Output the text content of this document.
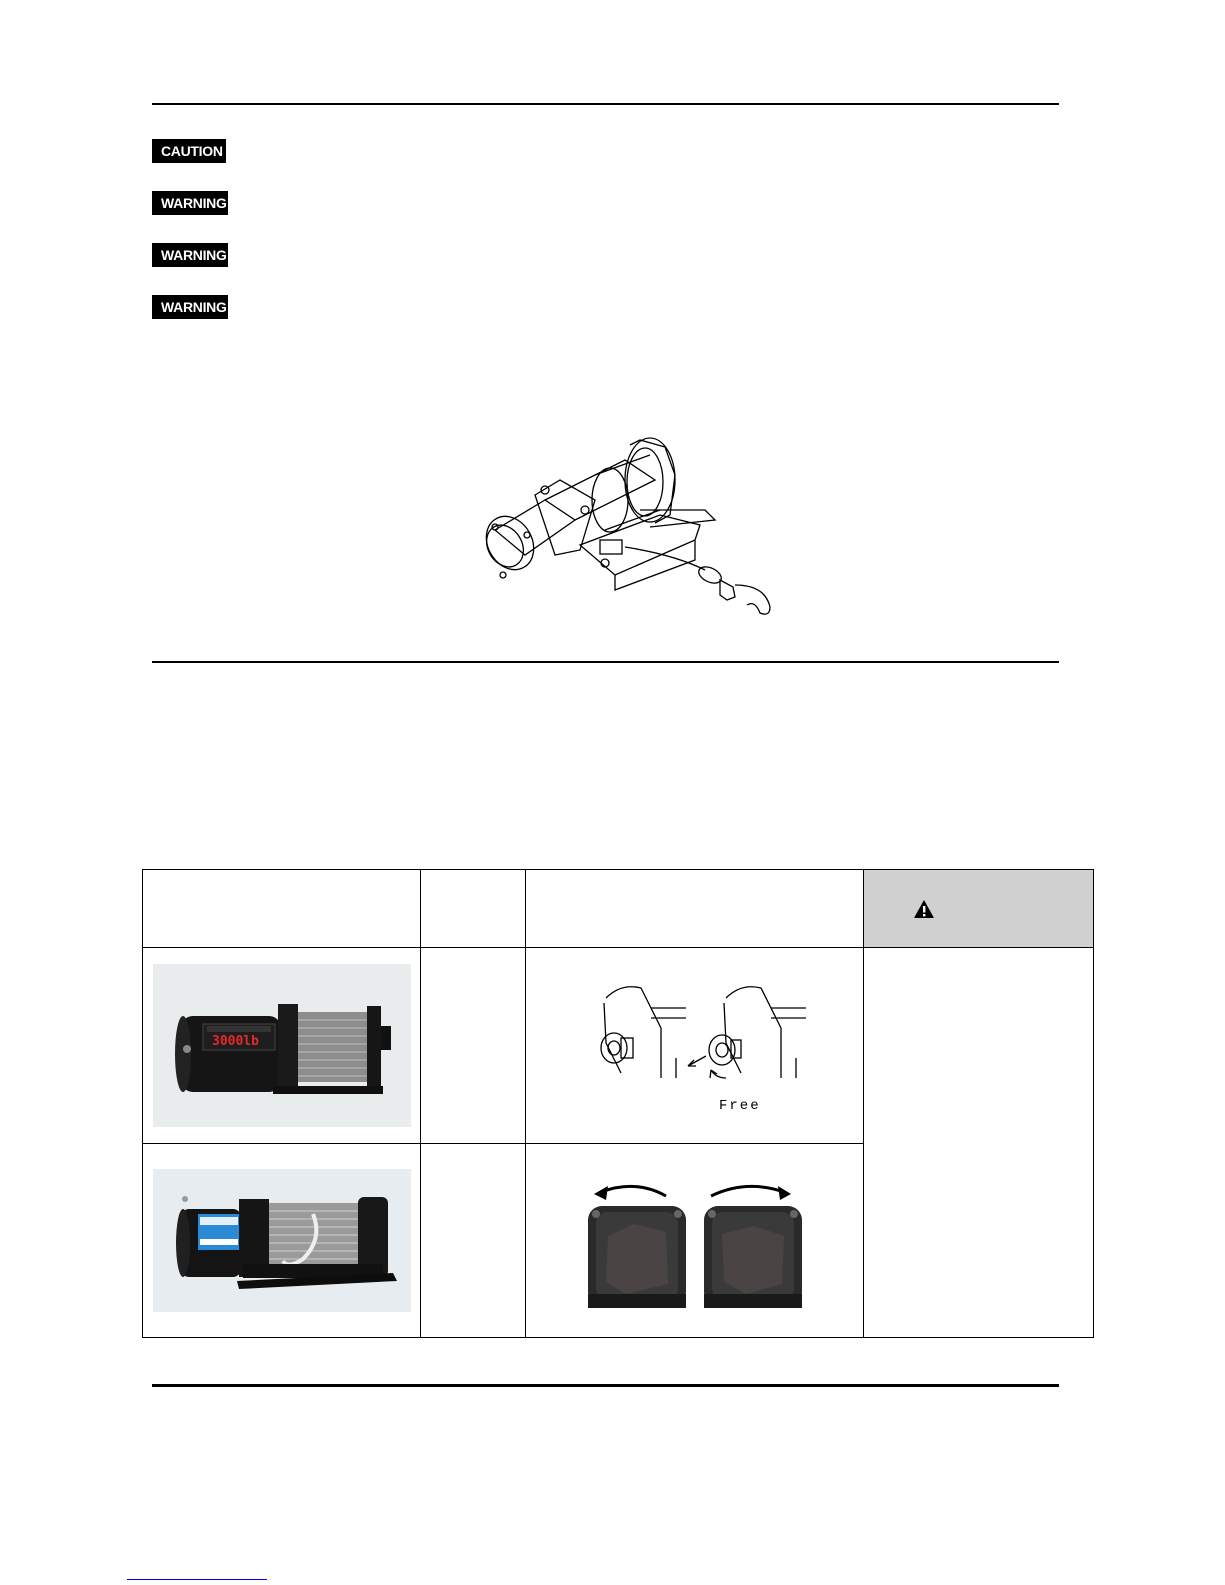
CAUTION
WARNING
WARNING
WARNING

3000lb		Free	
